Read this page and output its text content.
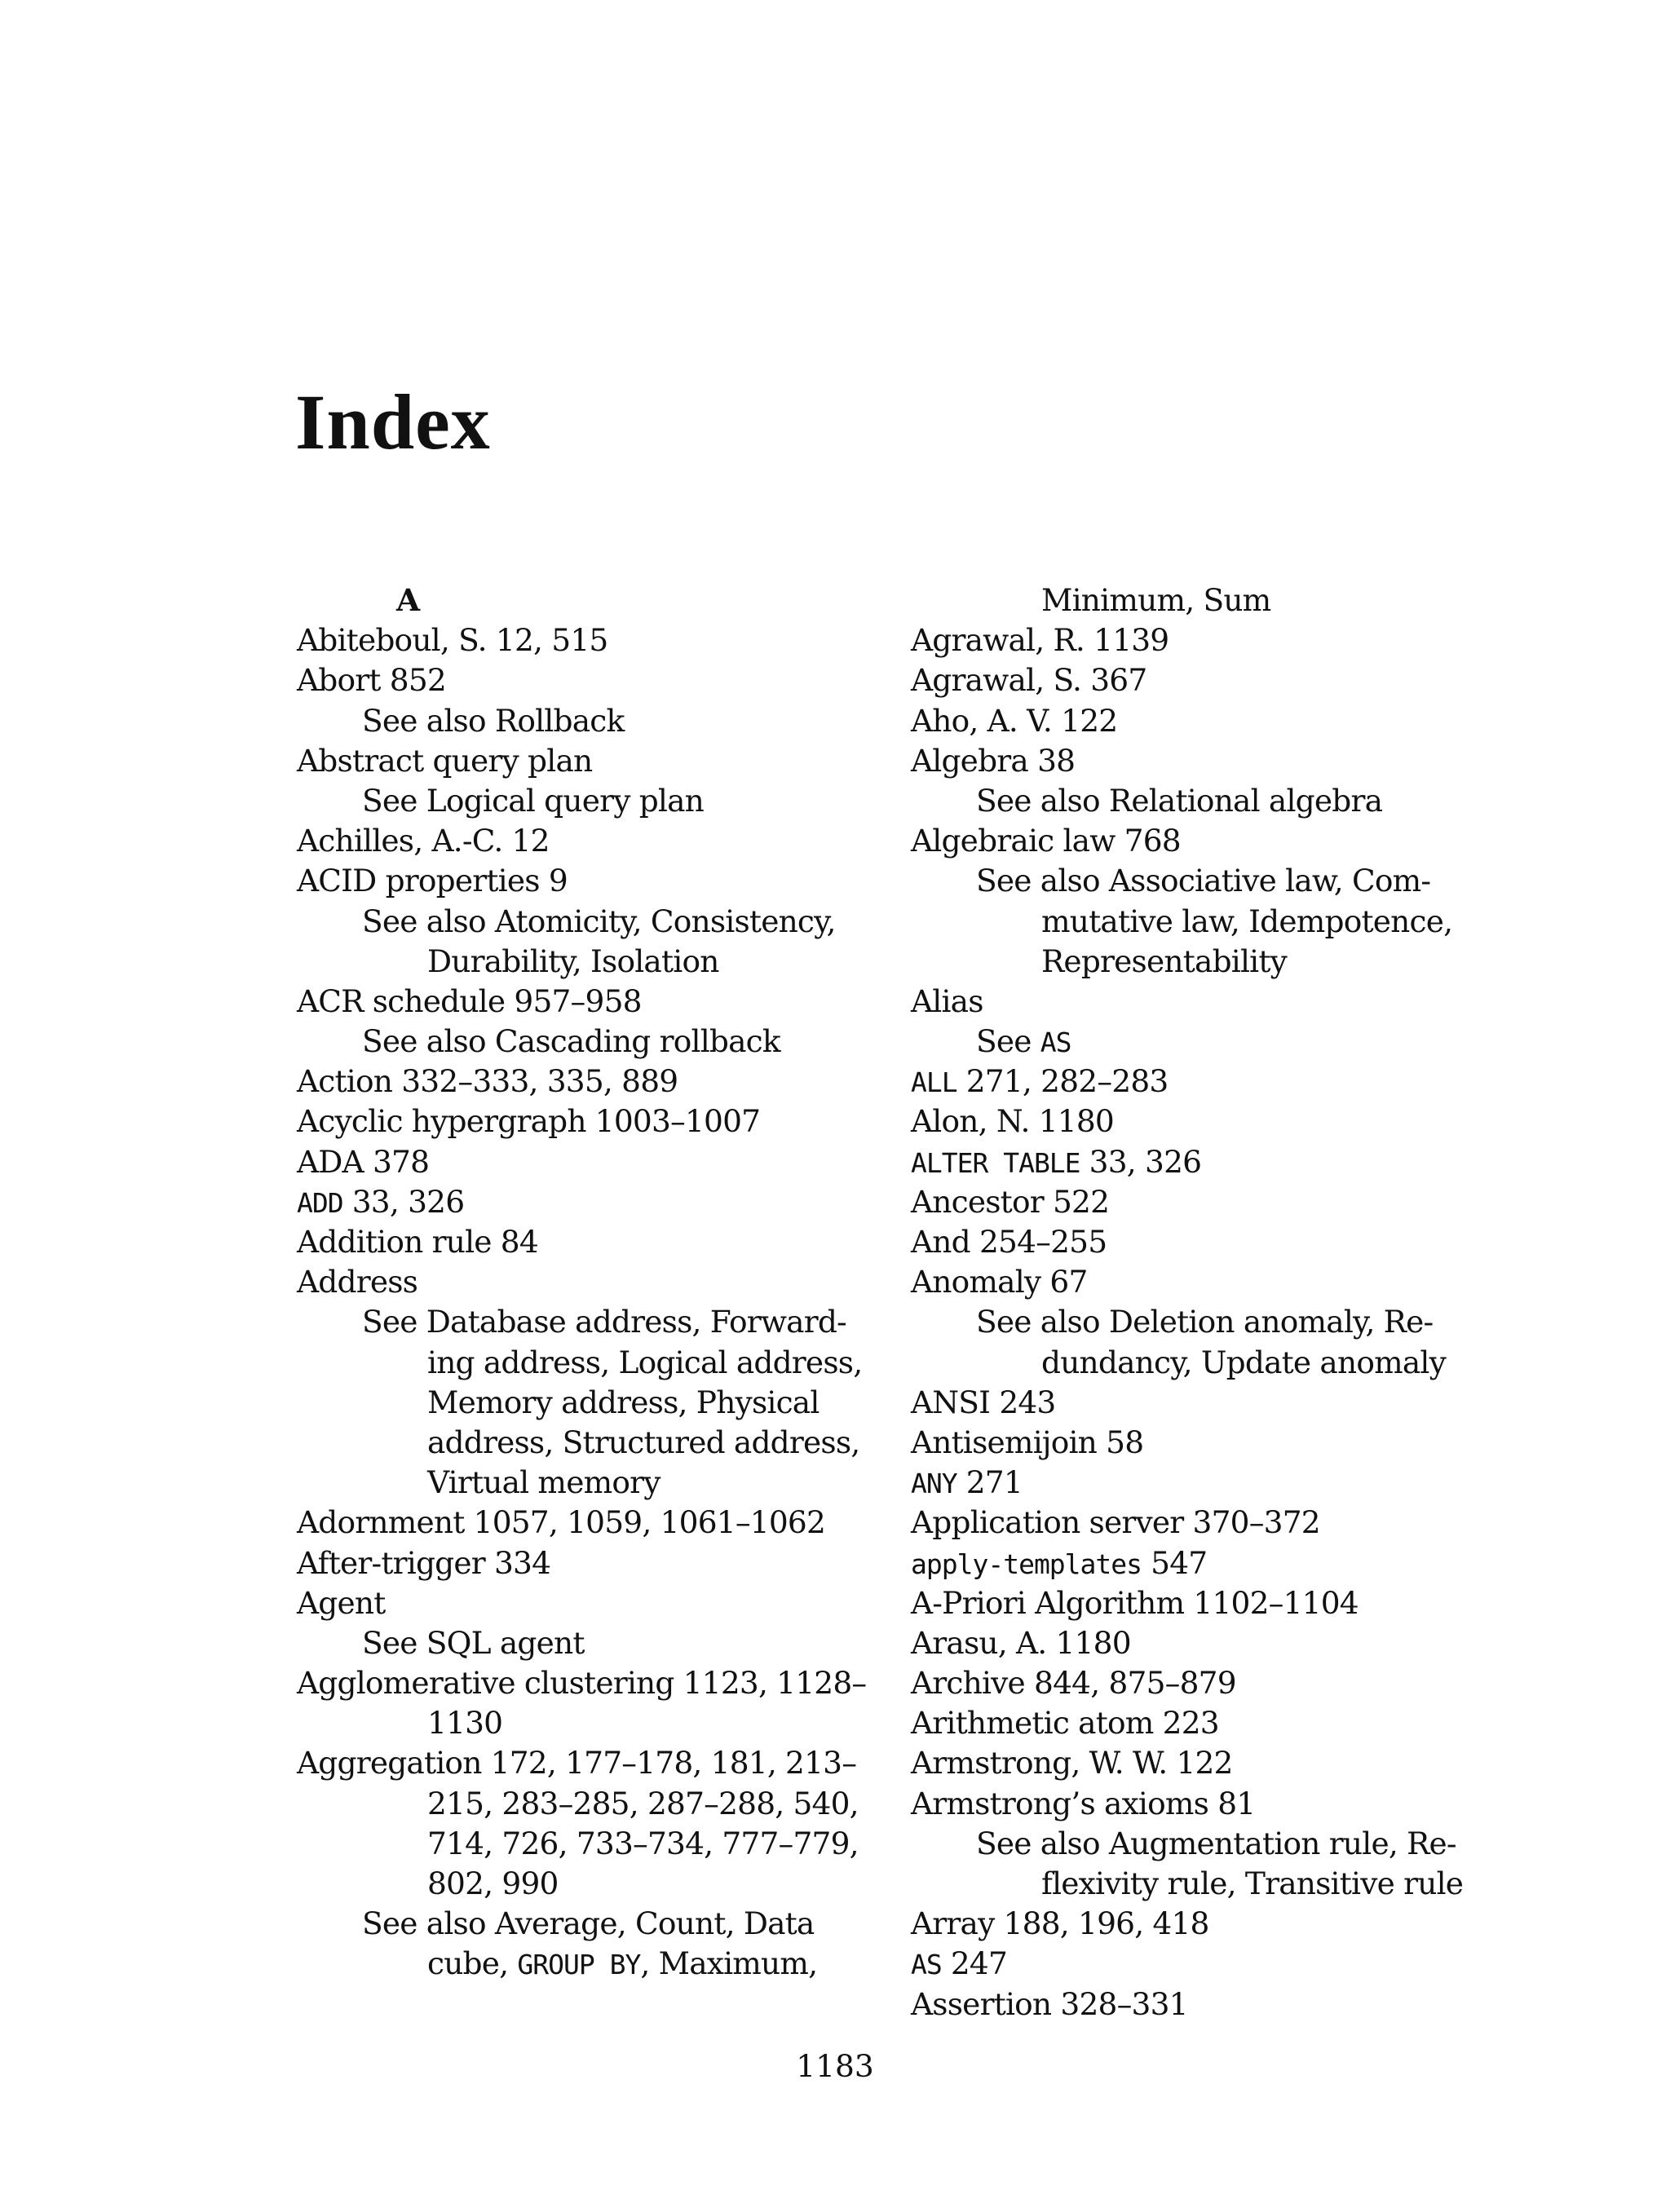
Index
A
Abiteboul, S. 12, 515
Abort 852
See also Rollback
Abstract query plan
See Logical query plan
Achilles, A.-C. 12
ACID properties 9
See also Atomicity, Consistency,
Durability, Isolation
ACR schedule 957–958
See also Cascading rollback
Action 332–333, 335, 889
Acyclic hypergraph 1003–1007
ADA 378
ADD 33, 326
Addition rule 84
Address
See Database address, Forward-
ing address, Logical address,
Memory address, Physical
address, Structured address,
Virtual memory
Adornment 1057, 1059, 1061–1062
After-trigger 334
Agent
See SQL agent
Agglomerative clustering 1123, 1128–
1130
Aggregation 172, 177–178, 181, 213–
215, 283–285, 287–288, 540,
714, 726, 733–734, 777–779,
802, 990
See also Average, Count, Data
cube, GROUP BY, Maximum,
Minimum, Sum
Agrawal, R. 1139
Agrawal, S. 367
Aho, A. V. 122
Algebra 38
See also Relational algebra
Algebraic law 768
See also Associative law, Com-
mutative law, Idempotence,
Representability
Alias
See AS
ALL 271, 282–283
Alon, N. 1180
ALTER TABLE 33, 326
Ancestor 522
And 254–255
Anomaly 67
See also Deletion anomaly, Re-
dundancy, Update anomaly
ANSI 243
Antisemijoin 58
ANY 271
Application server 370–372
apply-templates 547
A-Priori Algorithm 1102–1104
Arasu, A. 1180
Archive 844, 875–879
Arithmetic atom 223
Armstrong, W. W. 122
Armstrong’s axioms 81
See also Augmentation rule, Re-
flexivity rule, Transitive rule
Array 188, 196, 418
AS 247
Assertion 328–331
1183
